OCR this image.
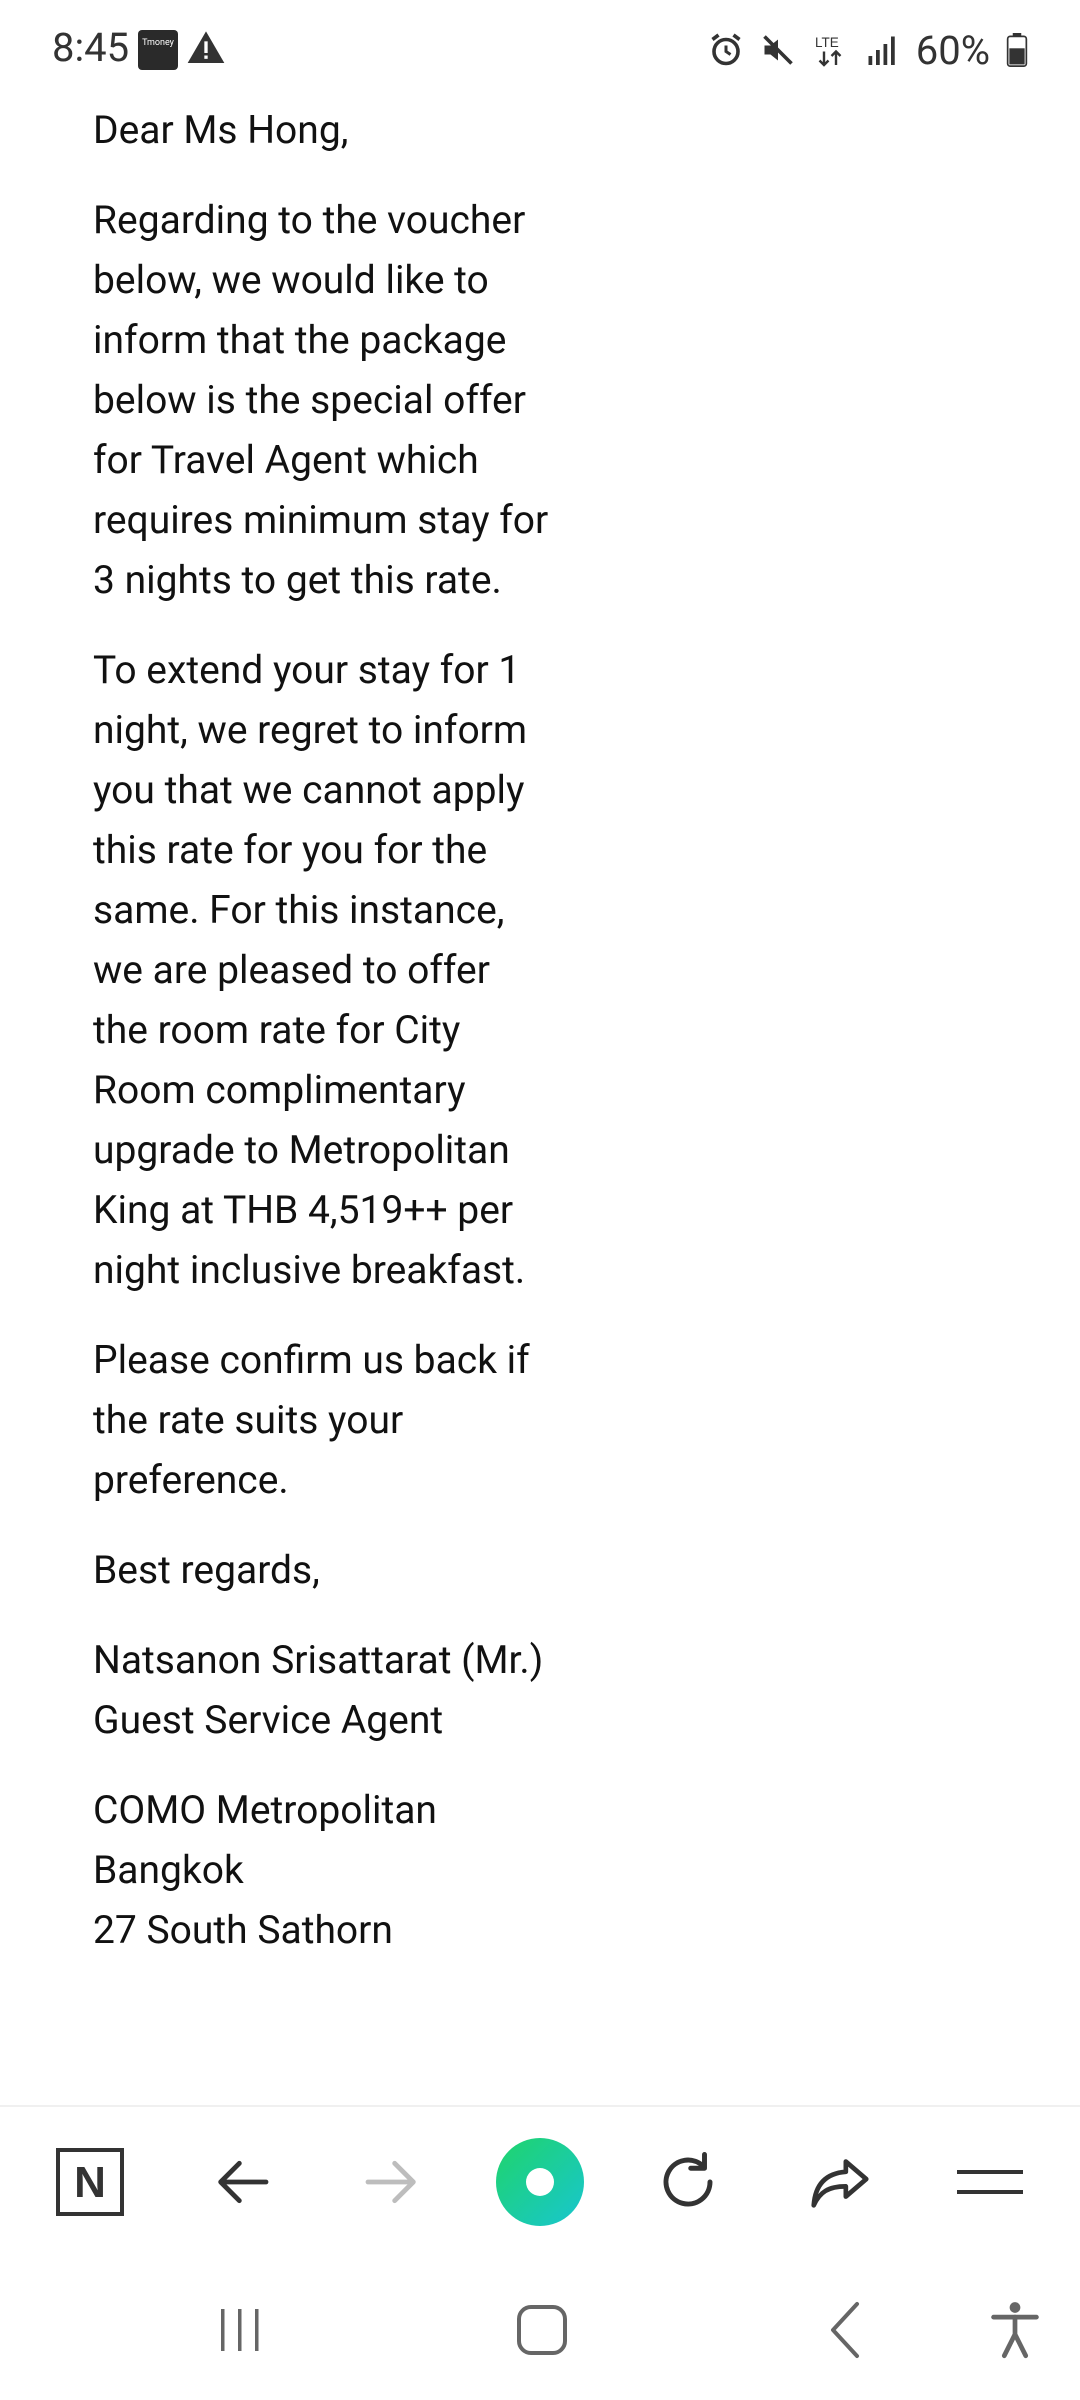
8:45	Tmoney	LTE 60%

Dear Ms Hong,

Regarding to the voucher below, we would like to inform that the package below is the special offer for Travel Agent which requires minimum stay for 3 nights to get this rate.

To extend your stay for 1 night, we regret to inform you that we cannot apply this rate for you for the same. For this instance, we are pleased to offer the room rate for City Room complimentary upgrade to Metropolitan King at THB 4,519++ per night inclusive breakfast.

Please confirm us back if the rate suits your preference.

Best regards,

Natsanon Srisattarat (Mr.)
Guest Service Agent

COMO Metropolitan Bangkok
27 South Sathorn

N
